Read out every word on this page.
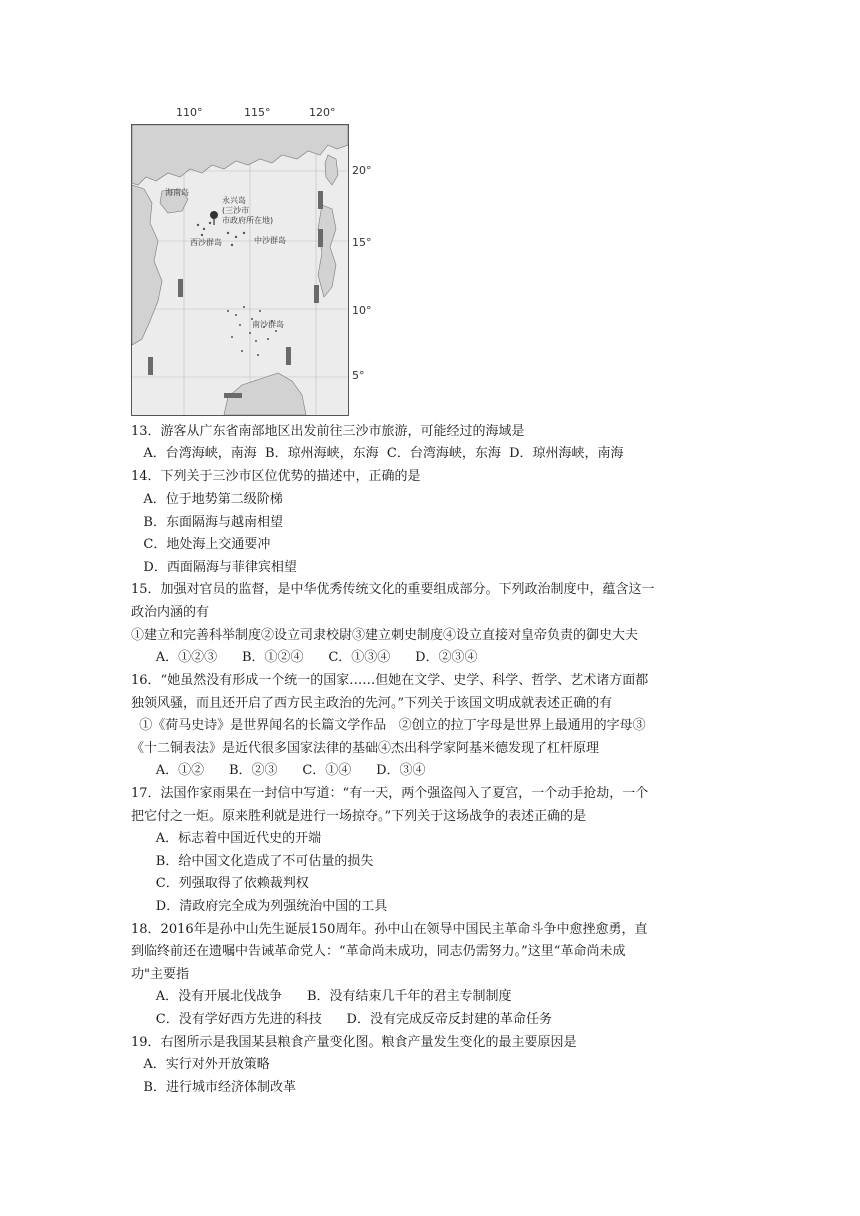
110°	115°	120°
20°
15°
10°
5°
海南岛
永兴岛
(三沙市
市政府所在地)
西沙群岛	中沙群岛
南沙群岛
13．游客从广东省南部地区出发前往三沙市旅游，可能经过的海域是
A．台湾海峡，南海  B．琼州海峡，东海  C．台湾海峡，东海  D．琼州海峡，南海
14．下列关于三沙市区位优势的描述中，正确的是
A．位于地势第二级阶梯
B．东面隔海与越南相望
C．地处海上交通要冲
D．西面隔海与菲律宾相望
15．加强对官员的监督，是中华优秀传统文化的重要组成部分。下列政治制度中，蕴含这一
政治内涵的有
①建立和完善科举制度②设立司隶校尉③建立刺史制度④设立直接对皇帝负责的御史大夫
A．①②③      B．①②④      C．①③④      D．②③④
16．“她虽然没有形成一个统一的国家……但她在文学、史学、科学、哲学、艺术诸方面都
独领风骚，而且还开启了西方民主政治的先河。”下列关于该国文明成就表述正确的有
①《荷马史诗》是世界闻名的长篇文学作品   ②创立的拉丁字母是世界上最通用的字母③
《十二铜表法》是近代很多国家法律的基础④杰出科学家阿基米德发现了杠杆原理
A．①②      B．②③      C．①④      D．③④
17．法国作家雨果在一封信中写道：“有一天，两个强盗闯入了夏宫，一个动手抢劫，一个
把它付之一炬。原来胜利就是进行一场掠夺。”下列关于这场战争的表述正确的是
A．标志着中国近代史的开端
B．给中国文化造成了不可估量的损失
C．列强取得了依赖裁判权
D．清政府完全成为列强统治中国的工具
18．2016年是孙中山先生诞辰150周年。孙中山在领导中国民主革命斗争中愈挫愈勇，直
到临终前还在遗嘱中告诫革命党人：“革命尚未成功，同志仍需努力。”这里“革命尚未成
功"主要指
A．没有开展北伐战争      B．没有结束几千年的君主专制制度
C．没有学好西方先进的科技      D．没有完成反帝反封建的革命任务
19．右图所示是我国某县粮食产量变化图。粮食产量发生变化的最主要原因是
A．实行对外开放策略
B．进行城市经济体制改革
